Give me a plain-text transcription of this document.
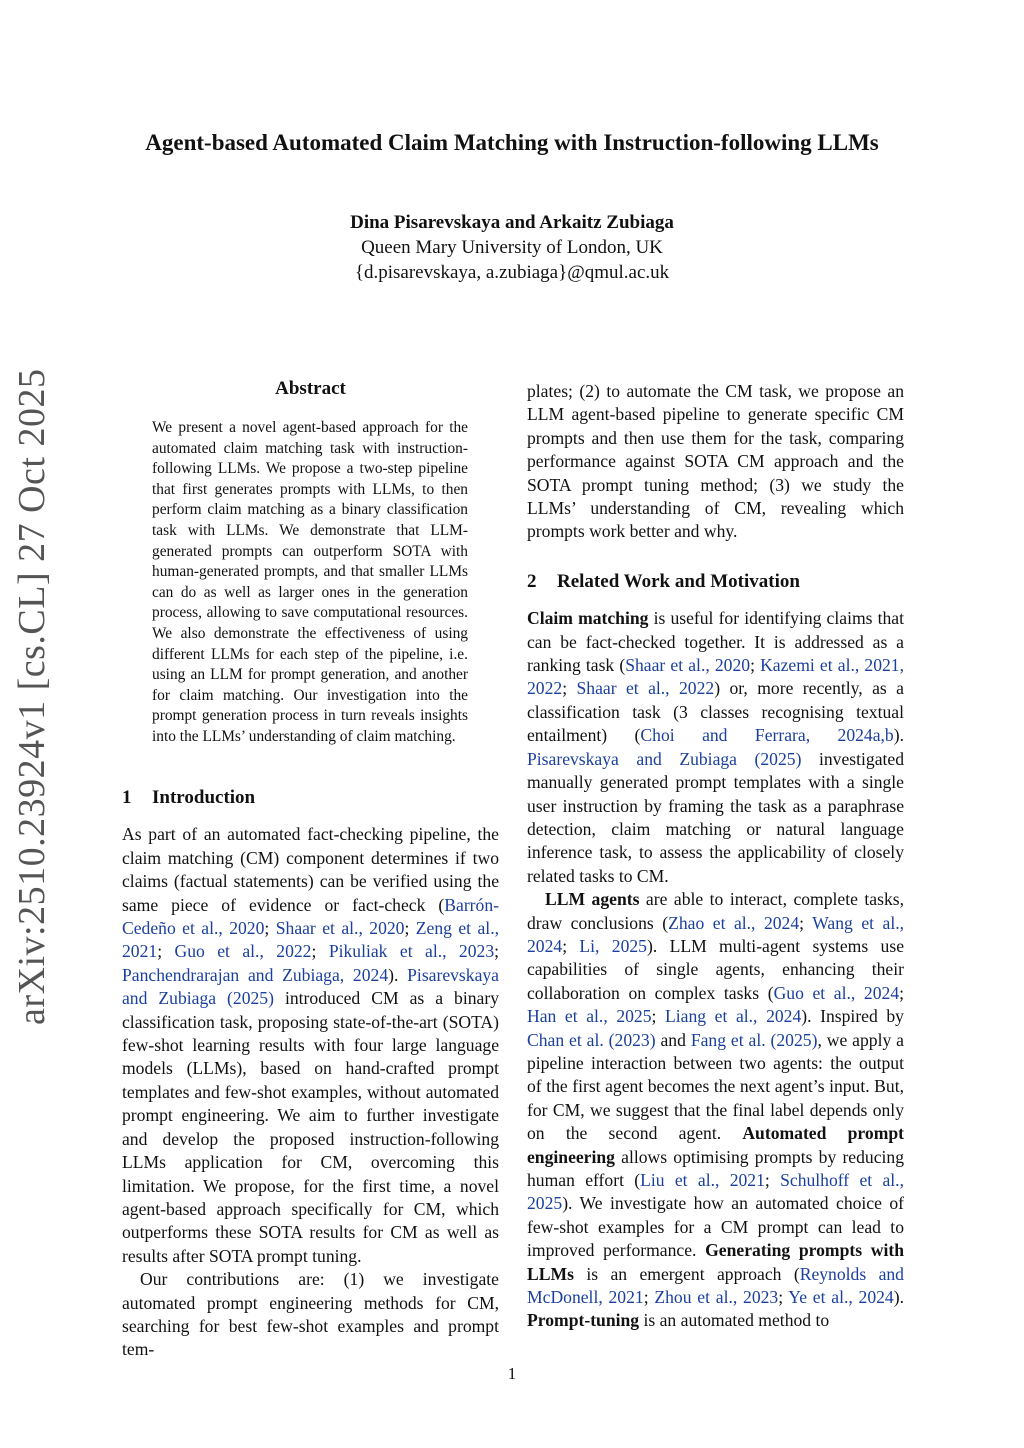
Agent-based Automated Claim Matching with Instruction-following LLMs
Dina Pisarevskaya and Arkaitz Zubiaga
Queen Mary University of London, UK
{d.pisarevskaya, a.zubiaga}@qmul.ac.uk
arXiv:2510.23924v1 [cs.CL] 27 Oct 2025	Abstract
We present a novel agent-based approach for the automated claim matching task with instruction-following LLMs. We propose a two-step pipeline that first generates prompts with LLMs, to then perform claim matching as a binary classification task with LLMs. We demonstrate that LLM-generated prompts can outperform SOTA with human-generated prompts, and that smaller LLMs can do as well as larger ones in the generation process, allowing to save computational resources. We also demonstrate the effectiveness of using different LLMs for each step of the pipeline, i.e. using an LLM for prompt generation, and another for claim matching. Our investigation into the prompt generation process in turn reveals insights into the LLMs’ understanding of claim matching.

1 Introduction

As part of an automated fact-checking pipeline, the claim matching (CM) component determines if two claims (factual statements) can be verified using the same piece of evidence or fact-check (Barrón-Cedeño et al., 2020; Shaar et al., 2020; Zeng et al., 2021; Guo et al., 2022; Pikuliak et al., 2023; Panchendrarajan and Zubiaga, 2024). Pisarevskaya and Zubiaga (2025) introduced CM as a binary classification task, proposing state-of-the-art (SOTA) few-shot learning results with four large language models (LLMs), based on hand-crafted prompt templates and few-shot examples, without automated prompt engineering. We aim to further investigate and develop the proposed instruction-following LLMs application for CM, overcoming this limitation. We propose, for the first time, a novel agent-based approach specifically for CM, which outperforms these SOTA results for CM as well as results after SOTA prompt tuning.

Our contributions are: (1) we investigate automated prompt engineering methods for CM, searching for best few-shot examples and prompt tem-

plates; (2) to automate the CM task, we propose an LLM agent-based pipeline to generate specific CM prompts and then use them for the task, comparing performance against SOTA CM approach and the SOTA prompt tuning method; (3) we study the LLMs’ understanding of CM, revealing which prompts work better and why.

2 Related Work and Motivation

Claim matching is useful for identifying claims that can be fact-checked together. It is addressed as a ranking task (Shaar et al., 2020; Kazemi et al., 2021, 2022; Shaar et al., 2022) or, more recently, as a classification task (3 classes recognising textual entailment) (Choi and Ferrara, 2024a,b). Pisarevskaya and Zubiaga (2025) investigated manually generated prompt templates with a single user instruction by framing the task as a paraphrase detection, claim matching or natural language inference task, to assess the applicability of closely related tasks to CM.

LLM agents are able to interact, complete tasks, draw conclusions (Zhao et al., 2024; Wang et al., 2024; Li, 2025). LLM multi-agent systems use capabilities of single agents, enhancing their collaboration on complex tasks (Guo et al., 2024; Han et al., 2025; Liang et al., 2024). Inspired by Chan et al. (2023) and Fang et al. (2025), we apply a pipeline interaction between two agents: the output of the first agent becomes the next agent’s input. But, for CM, we suggest that the final label depends only on the second agent. Automated prompt engineering allows optimising prompts by reducing human effort (Liu et al., 2021; Schulhoff et al., 2025). We investigate how an automated choice of few-shot examples for a CM prompt can lead to improved performance. Generating prompts with LLMs is an emergent approach (Reynolds and McDonell, 2021; Zhou et al., 2023; Ye et al., 2024). Prompt-tuning is an automated method to

1
